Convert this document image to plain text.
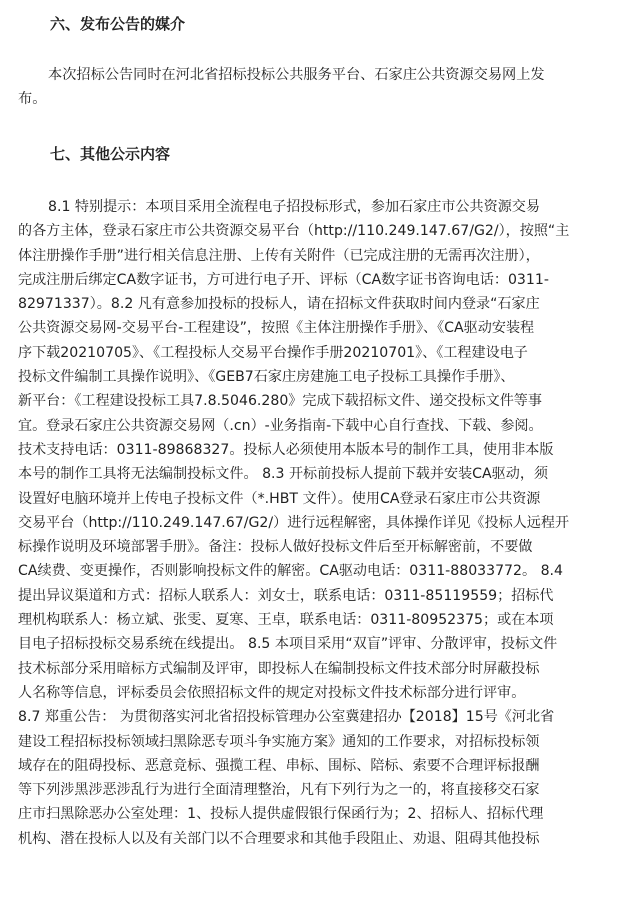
六、发布公告的媒介
本次招标公告同时在河北省招标投标公共服务平台、石家庄公共资源交易网上发
布。
七、其他公示内容
8.1 特别提示：本项目采用全流程电子招投标形式，参加石家庄市公共资源交易
的各方主体，登录石家庄市公共资源交易平台（http://110.249.147.67/G2/），按照“主
体注册操作手册”进行相关信息注册、上传有关附件（已完成注册的无需再次注册），
完成注册后绑定CA数字证书，方可进行电子开、评标（CA数字证书咨询电话：0311-
82971337）。8.2 凡有意参加投标的投标人，请在招标文件获取时间内登录“石家庄
公共资源交易网-交易平台-工程建设”，按照《主体注册操作手册》、《CA驱动安装程
序下载20210705》、《工程投标人交易平台操作手册20210701》、《工程建设电子
投标文件编制工具操作说明》、《GEB7石家庄房建施工电子投标工具操作手册》、
新平台：《工程建设投标工具7.8.5046.280》完成下载招标文件、递交投标文件等事
宜。登录石家庄公共资源交易网（.cn）-业务指南-下载中心自行查找、下载、参阅。
技术支持电话：0311-89868327。投标人必须使用本版本号的制作工具，使用非本版
本号的制作工具将无法编制投标文件。 8.3 开标前投标人提前下载并安装CA驱动，须
设置好电脑环境并上传电子投标文件（*.HBT 文件）。使用CA登录石家庄市公共资源
交易平台（http://110.249.147.67/G2/）进行远程解密，具体操作详见《投标人远程开
标操作说明及环境部署手册》。备注：投标人做好投标文件后至开标解密前，不要做
CA续费、变更操作，否则影响投标文件的解密。CA驱动电话：0311-88033772。 8.4
提出异议渠道和方式：招标人联系人：刘女士，联系电话：0311-85119559；招标代
理机构联系人：杨立斌、张雯、夏寒、王卓，联系电话：0311-80952375；或在本项
目电子招标投标交易系统在线提出。 8.5 本项目采用“双盲”评审、分散评审，投标文件
技术标部分采用暗标方式编制及评审，即投标人在编制投标文件技术部分时屏蔽投标
人名称等信息，评标委员会依照招标文件的规定对投标文件技术标部分进行评审。
8.7 郑重公告： 为贯彻落实河北省招投标管理办公室冀建招办【2018】15号《河北省
建设工程招标投标领域扫黑除恶专项斗争实施方案》通知的工作要求，对招标投标领
域存在的阻碍投标、恶意竞标、强揽工程、串标、围标、陪标、索要不合理评标报酬
等下列涉黑涉恶涉乱行为进行全面清理整治，凡有下列行为之一的，将直接移交石家
庄市扫黑除恶办公室处理：1、投标人提供虚假银行保函行为；2、招标人、招标代理
机构、潜在投标人以及有关部门以不合理要求和其他手段阻止、劝退、阻碍其他投标
